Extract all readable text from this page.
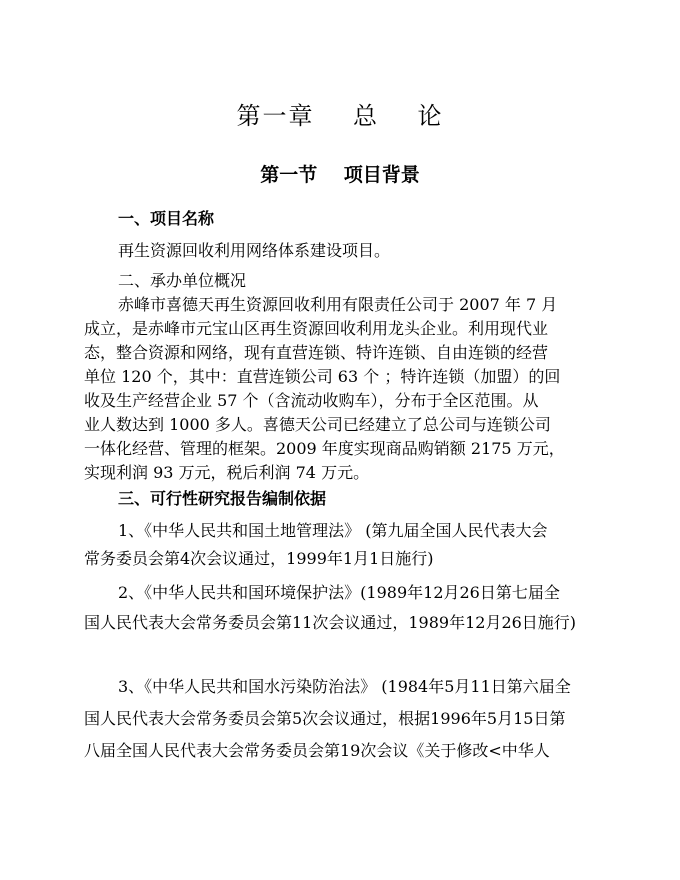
第一章    总    论
第一节    项目背景
一、项目名称
再生资源回收利用网络体系建设项目。
二、承办单位概况
赤峰市喜德天再生资源回收利用有限责任公司于 2007 年 7 月
成立，是赤峰市元宝山区再生资源回收利用龙头企业。利用现代业
态，整合资源和网络，现有直营连锁、特许连锁、自由连锁的经营
单位 120 个，其中：直营连锁公司 63 个 ；特许连锁（加盟）的回
收及生产经营企业 57 个（含流动收购车），分布于全区范围。从
业人数达到 1000 多人。喜德天公司已经建立了总公司与连锁公司
一体化经营、管理的框架。2009 年度实现商品购销额 2175 万元，
实现利润 93 万元，税后利润 74 万元。
三、可行性研究报告编制依据
1、《中华人民共和国土地管理法》 (第九届全国人民代表大会
常务委员会第4次会议通过，1999年1月1日施行)
2、《中华人民共和国环境保护法》(1989年12月26日第七届全
国人民代表大会常务委员会第11次会议通过，1989年12月26日施行)
3、《中华人民共和国水污染防治法》 (1984年5月11日第六届全
国人民代表大会常务委员会第5次会议通过，根据1996年5月15日第
八届全国人民代表大会常务委员会第19次会议《关于修改<中华人
